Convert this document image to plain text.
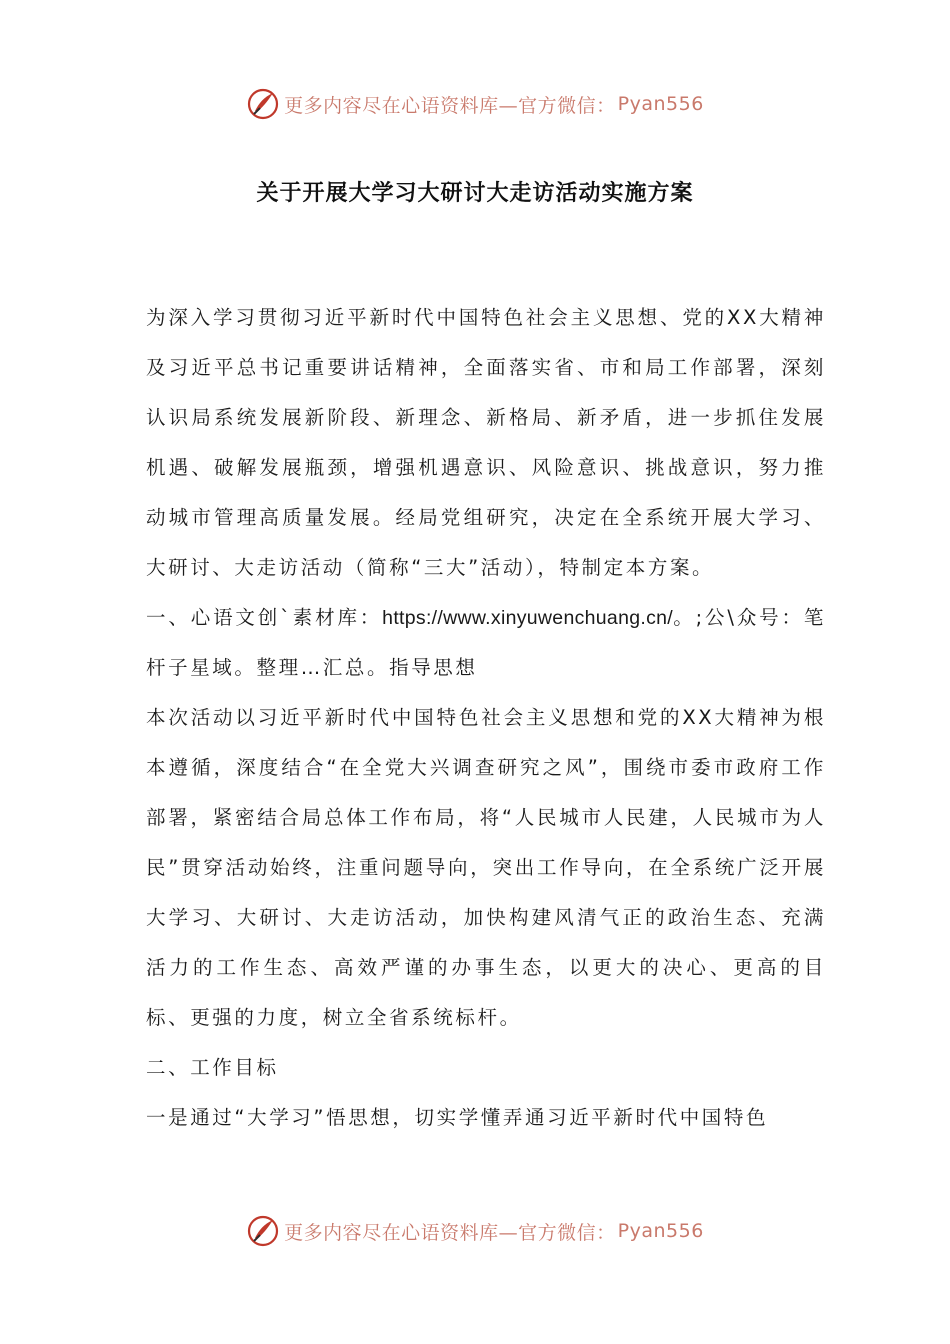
更多内容尽在心语资料库—官方微信： Pyan556
关于开展大学习大研讨大走访活动实施方案

为深入学习贯彻习近平新时代中国特色社会主义思想、党的XX大精神及习近平总书记重要讲话精神，全面落实省、市和局工作部署，深刻认识局系统发展新阶段、新理念、新格局、新矛盾，进一步抓住发展机遇、破解发展瓶颈，增强机遇意识、风险意识、挑战意识，努力推动城市管理高质量发展。经局党组研究，决定在全系统开展大学习、大研讨、大走访活动（简称“三大”活动），特制定本方案。

一、心语文创`素材库：https://www.xinyuwenchuang.cn/。;公\众号：笔杆子星域。整理…汇总。指导思想

本次活动以习近平新时代中国特色社会主义思想和党的XX大精神为根本遵循，深度结合“在全党大兴调查研究之风”，围绕市委市政府工作部署，紧密结合局总体工作布局，将“人民城市人民建，人民城市为人民”贯穿活动始终，注重问题导向，突出工作导向，在全系统广泛开展大学习、大研讨、大走访活动，加快构建风清气正的政治生态、充满活力的工作生态、高效严谨的办事生态，以更大的决心、更高的目标、更强的力度，树立全省系统标杆。

二、工作目标

一是通过“大学习”悟思想，切实学懂弄通习近平新时代中国特色

更多内容尽在心语资料库—官方微信： Pyan556
